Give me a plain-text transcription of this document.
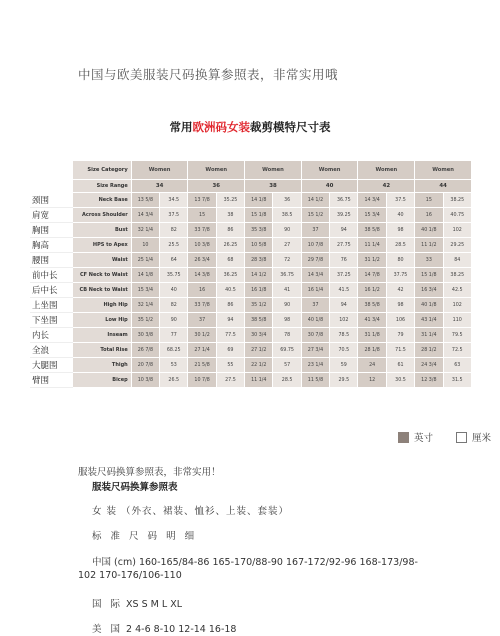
中国与欧美服装尺码换算参照表，非常实用哦
常用欧洲码女装裁剪模特尺寸表
	Size Category	Women		Women		Women		Women		Women		Women	
	Size Range	34		36		38		40		42		44	
颈围	Neck Base	13 5/8	34.5	13 7/8	35.25	14 1/8	36	14 1/2	36.75	14 3/4	37.5	15	38.25
肩宽	Across Shoulder	14 3/4	37.5	15	38	15 1/8	38.5	15 1/2	39.25	15 3/4	40	16	40.75
胸围	Bust	32 1/4	82	33 7/8	86	35 3/8	90	37	94	38 5/8	98	40 1/8	102
胸高	HPS to Apex	10	25.5	10 3/8	26.25	10 5/8	27	10 7/8	27.75	11 1/4	28.5	11 1/2	29.25
腰围	Waist	25 1/4	64	26 3/4	68	28 3/8	72	29 7/8	76	31 1/2	80	33	84
前中长	CF Neck to Waist	14 1/8	35.75	14 3/8	36.25	14 1/2	36.75	14 3/4	37.25	14 7/8	37.75	15 1/8	38.25
后中长	CB Neck to Waist	15 3/4	40	16	40.5	16 1/8	41	16 1/4	41.5	16 1/2	42	16 3/4	42.5
上坐围	High Hip	32 1/4	82	33 7/8	86	35 1/2	90	37	94	38 5/8	98	40 1/8	102
下坐围	Low Hip	35 1/2	90	37	94	38 5/8	98	40 1/8	102	41 3/4	106	43 1/4	110
内长	Inseam	30 3/8	77	30 1/2	77.5	30 3/4	78	30 7/8	78.5	31 1/8	79	31 1/4	79.5
全浪	Total Rise	26 7/8	68.25	27 1/4	69	27 1/2	69.75	27 3/4	70.5	28 1/8	71.5	28 1/2	72.5
大腿围	Thigh	20 7/8	53	21 5/8	55	22 1/2	57	23 1/4	59	24	61	24 3/4	63
臂围	Bicep	10 3/8	26.5	10 7/8	27.5	11 1/4	28.5	11 5/8	29.5	12	30.5	12 3/8	31.5
英寸	厘米

服装尺码换算参照表，非常实用！

服装尺码换算参照表

女 装 （外衣、裙装、恤衫、上装、套装）

标 准 尺 码 明 细

中国 (cm) 160-165/84-86 165-170/88-90 167-172/92-96 168-173/98-102 170-176/106-110

国 际 XS S M L XL

美 国 2 4-6 8-10 12-14 16-18
